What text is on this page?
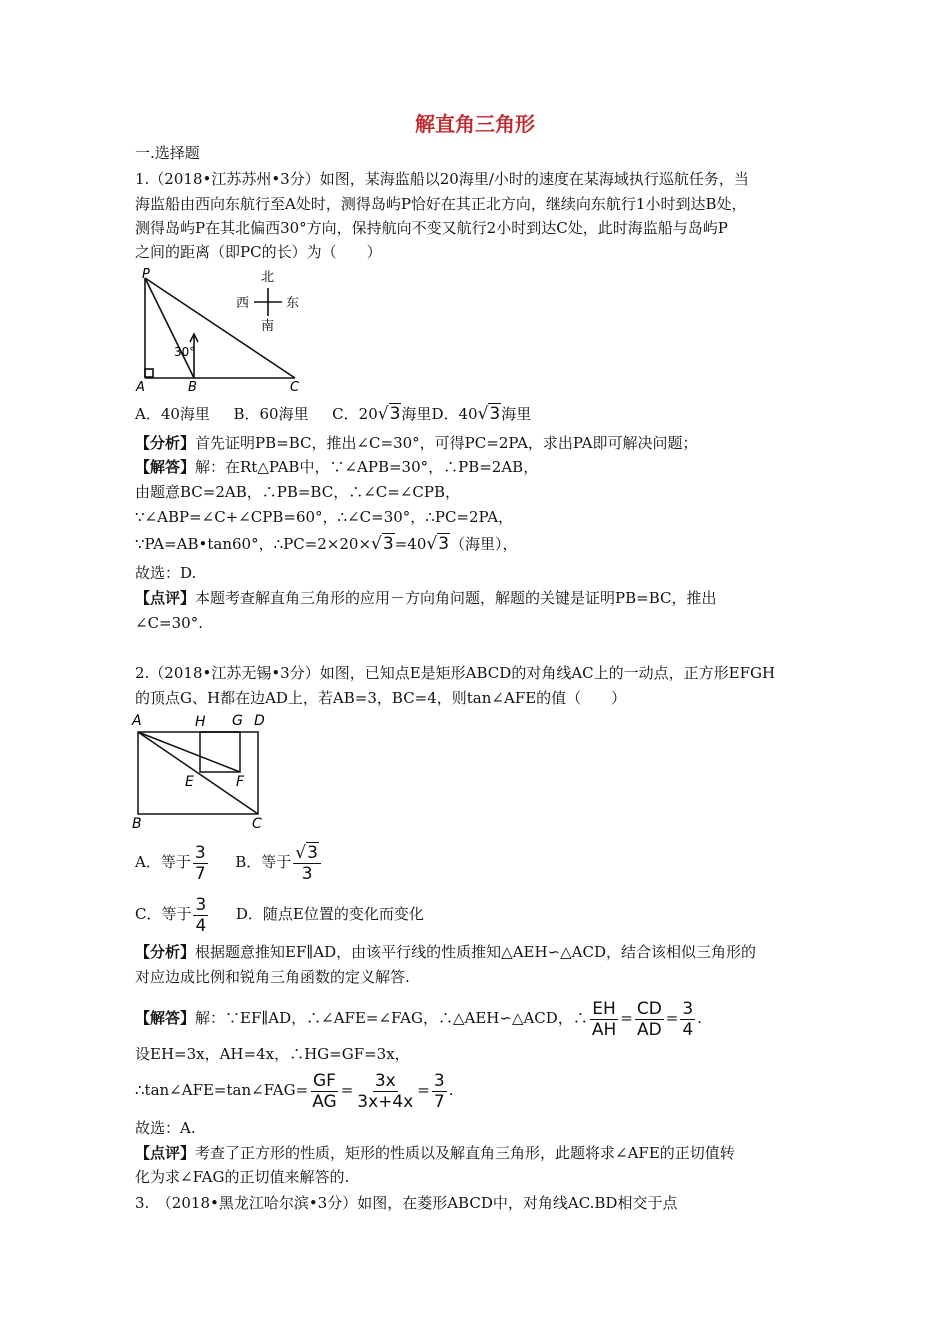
解直角三角形
一.选择题
1.（2018•江苏苏州•3分）如图，某海监船以20海里/小时的速度在某海域执行巡航任务，当
海监船由西向东航行至A处时，测得岛屿P恰好在其正北方向，继续向东航行1小时到达B处，
测得岛屿P在其北偏西30°方向，保持航向不变又航行2小时到达C处，此时海监船与岛屿P
之间的距离（即PC的长）为（　　）
P
A	B	C
30°
北
南
西	东
A．40海里 B．60海里 C．20√3海里D．40√3海里
【分析】首先证明PB=BC，推出∠C=30°，可得PC=2PA，求出PA即可解决问题；
【解答】解：在Rt△PAB中，∵∠APB=30°，∴PB=2AB，
由题意BC=2AB，∴PB=BC，∴∠C=∠CPB，
∵∠ABP=∠C+∠CPB=60°，∴∠C=30°，∴PC=2PA，
∵PA=AB•tan60°，∴PC=2×20×√3=40√3（海里），
故选：D.
【点评】本题考查解直角三角形的应用－方向角问题，解题的关键是证明PB=BC，推出
∠C=30°.
2.（2018•江苏无锡•3分）如图，已知点E是矩形ABCD的对角线AC上的一动点，正方形EFGH
的顶点G、H都在边AD上，若AB=3，BC=4，则tan∠AFE的值（　　）
A	H G D
E	F
B	C
A．等于 $\frac{3}{7}$ B．等于 $\frac{√3}{3}$
C．等于 $\frac{3}{4}$ D．随点E位置的变化而变化
【分析】根据题意推知EF∥AD，由该平行线的性质推知△AEH∽△ACD，结合该相似三角形的
对应边成比例和锐角三角函数的定义解答.
【解答】解：∵EF∥AD，∴∠AFE=∠FAG，∴△AEH∽△ACD，∴ $\frac{EH}{AH} = \frac{CD}{AD} = \frac{3}{4}$ .
设EH=3x，AH=4x，∴HG=GF=3x，
∴tan∠AFE=tan∠FAG= $\frac{GF}{AG} = \frac{3x}{3x+4x} = \frac{3}{7}$ .
故选：A.
【点评】考查了正方形的性质，矩形的性质以及解直角三角形，此题将求∠AFE的正切值转
化为求∠FAG的正切值来解答的.
3.　（2018•黑龙江哈尔滨•3分）如图，在菱形ABCD中，对角线AC.BD相交于点
